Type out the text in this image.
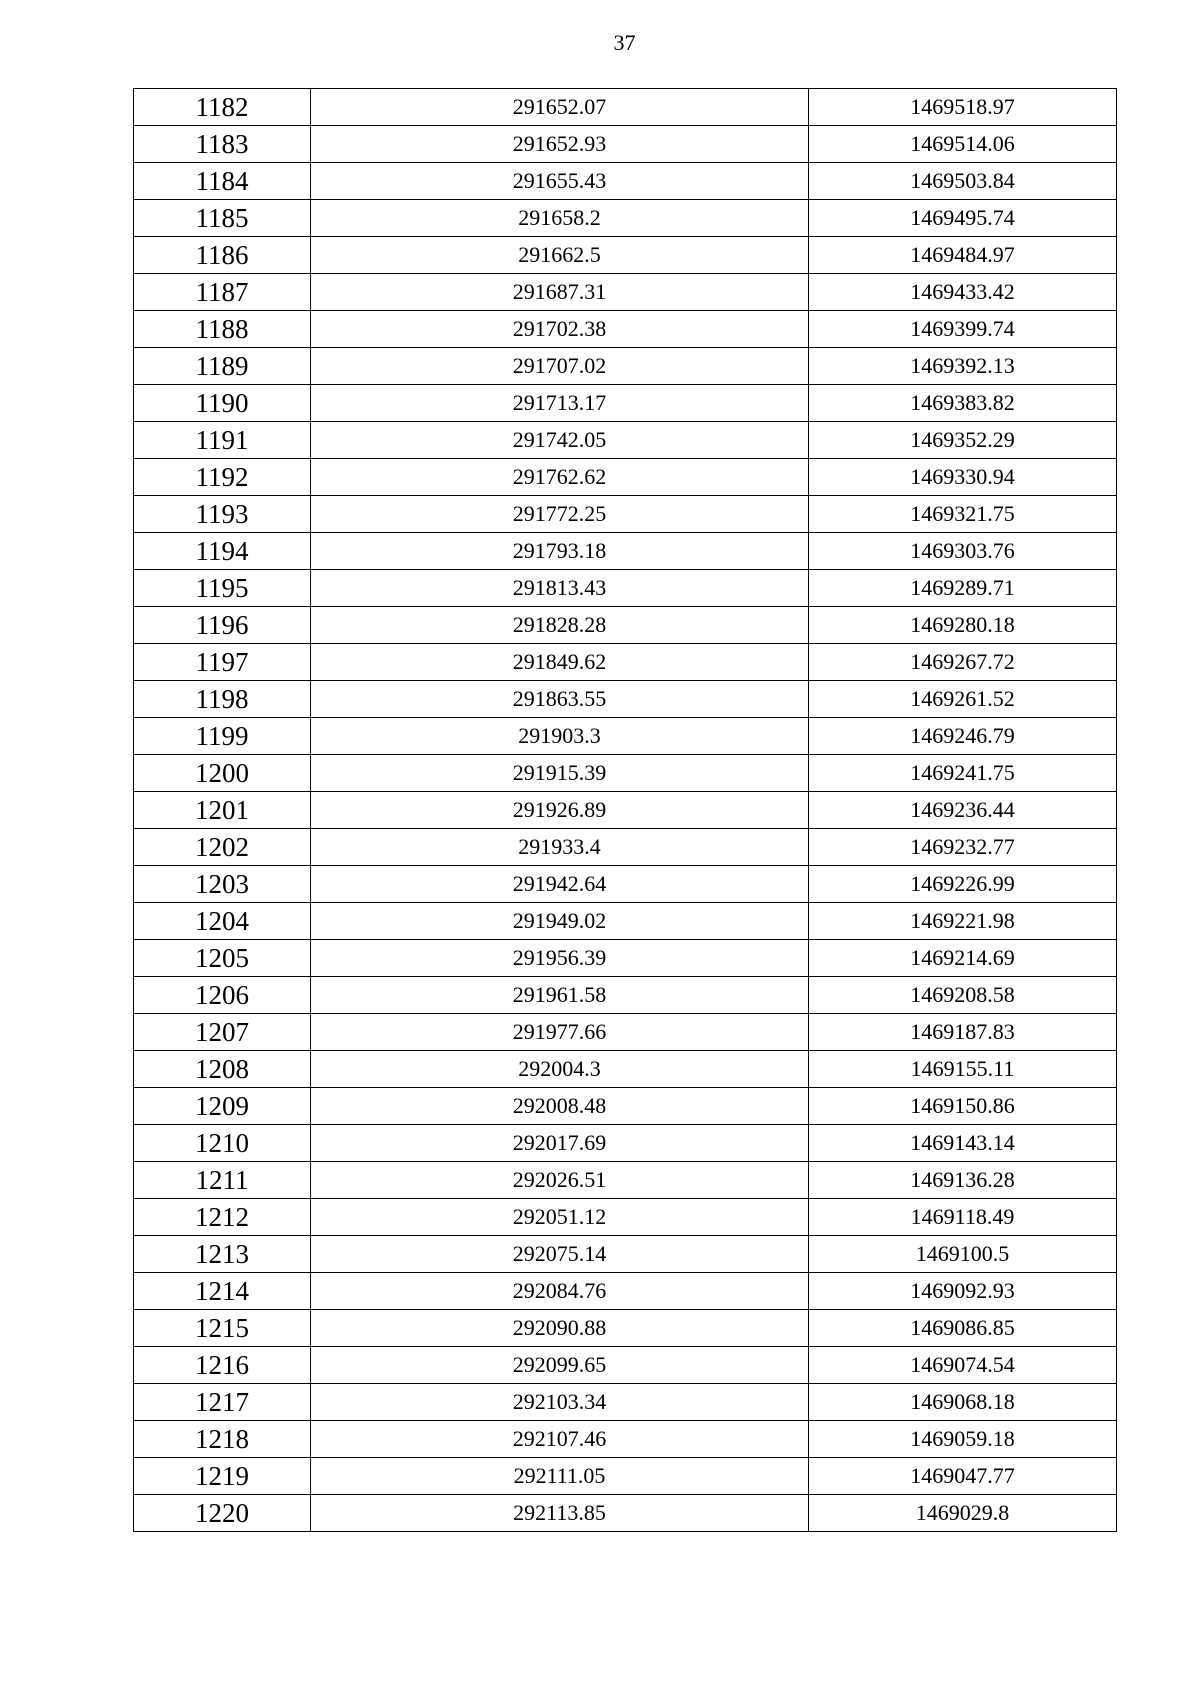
37
1182	291652.07	1469518.97
1183	291652.93	1469514.06
1184	291655.43	1469503.84
1185	291658.2	1469495.74
1186	291662.5	1469484.97
1187	291687.31	1469433.42
1188	291702.38	1469399.74
1189	291707.02	1469392.13
1190	291713.17	1469383.82
1191	291742.05	1469352.29
1192	291762.62	1469330.94
1193	291772.25	1469321.75
1194	291793.18	1469303.76
1195	291813.43	1469289.71
1196	291828.28	1469280.18
1197	291849.62	1469267.72
1198	291863.55	1469261.52
1199	291903.3	1469246.79
1200	291915.39	1469241.75
1201	291926.89	1469236.44
1202	291933.4	1469232.77
1203	291942.64	1469226.99
1204	291949.02	1469221.98
1205	291956.39	1469214.69
1206	291961.58	1469208.58
1207	291977.66	1469187.83
1208	292004.3	1469155.11
1209	292008.48	1469150.86
1210	292017.69	1469143.14
1211	292026.51	1469136.28
1212	292051.12	1469118.49
1213	292075.14	1469100.5
1214	292084.76	1469092.93
1215	292090.88	1469086.85
1216	292099.65	1469074.54
1217	292103.34	1469068.18
1218	292107.46	1469059.18
1219	292111.05	1469047.77
1220	292113.85	1469029.8
